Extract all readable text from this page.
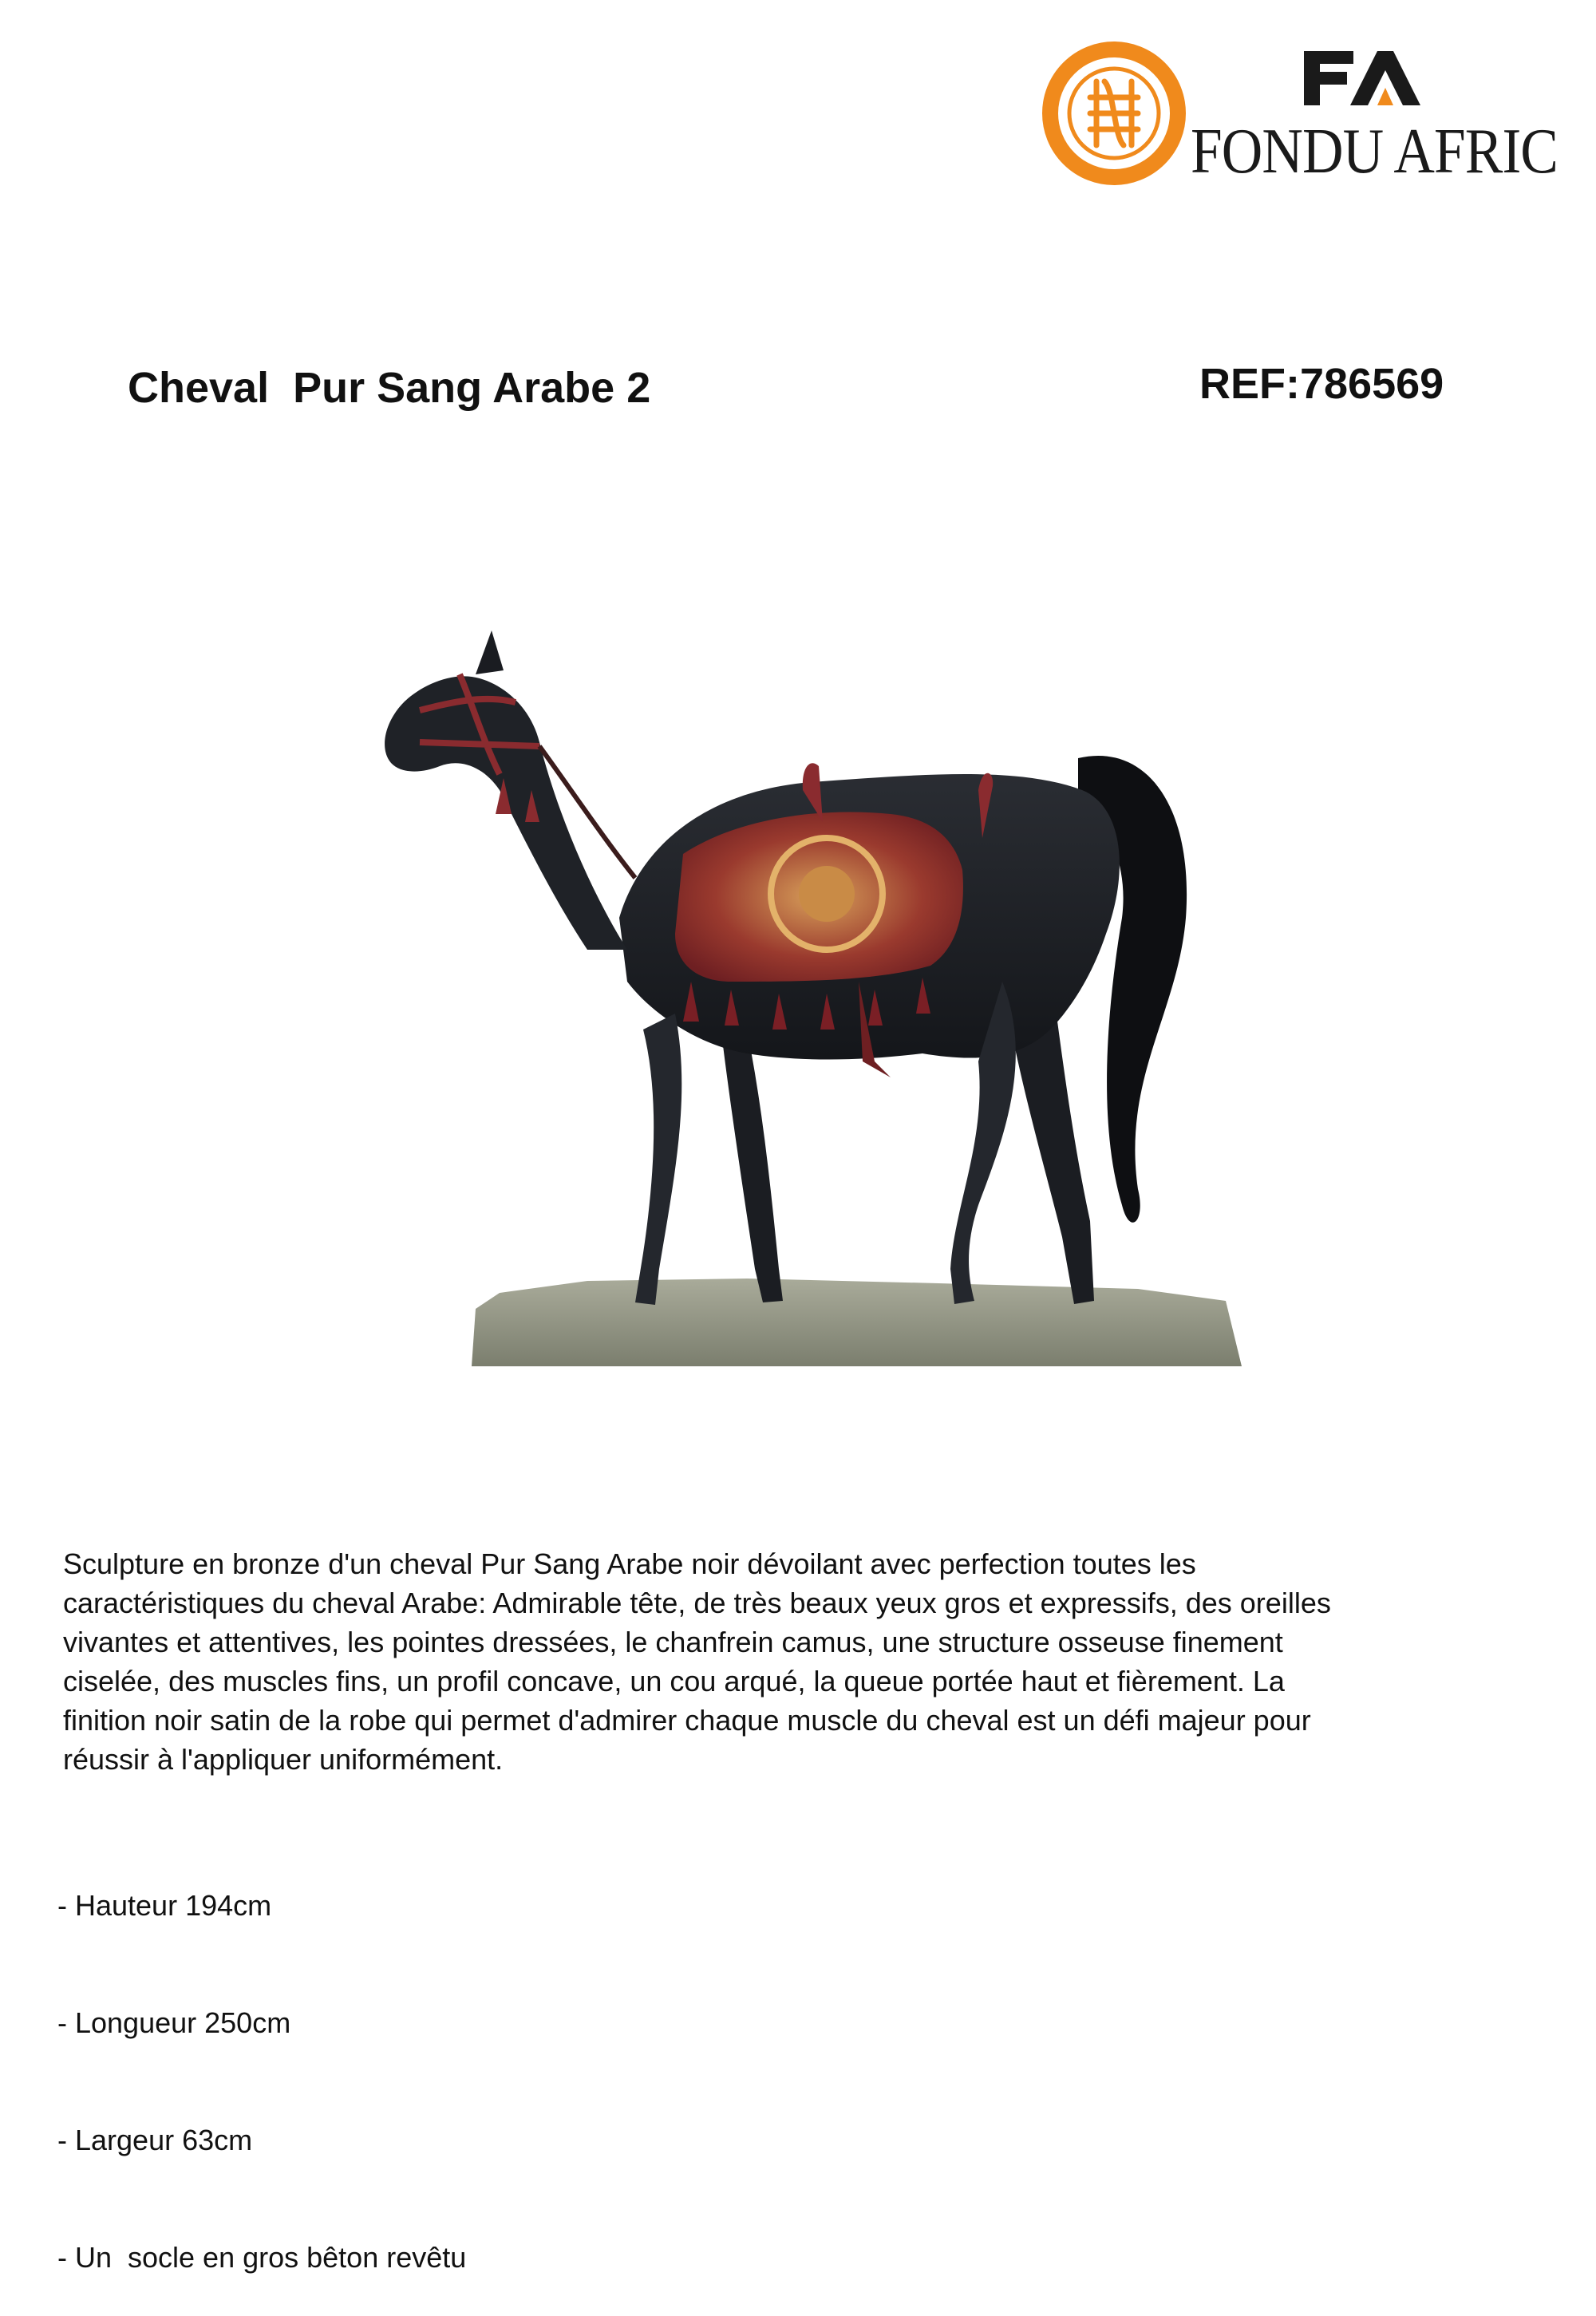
FONDU AFRIC
Cheval  Pur Sang Arabe 2	REF:786569

Sculpture en bronze d'un cheval Pur Sang Arabe noir dévoilant avec perfection toutes les
caractéristiques du cheval Arabe: Admirable tête, de très beaux yeux gros et expressifs, des oreilles
vivantes et attentives, les pointes dressées, le chanfrein camus, une structure osseuse finement
ciselée, des muscles fins, un profil concave, un cou arqué, la queue portée haut et fièrement. La
finition noir satin de la robe qui permet d'admirer chaque muscle du cheval est un défi majeur pour
réussir à l'appliquer uniformément.

- Hauteur 194cm

- Longueur 250cm

- Largeur 63cm

- Un  socle en gros bêton revêtu
